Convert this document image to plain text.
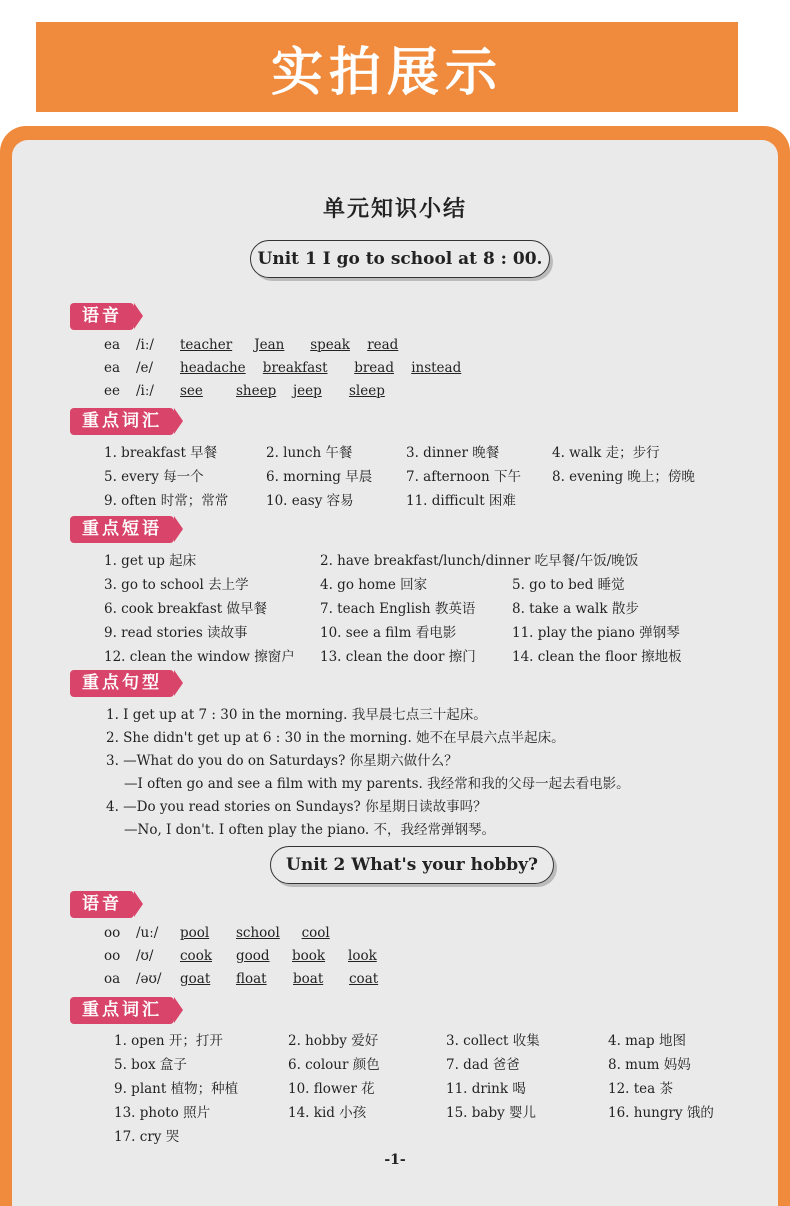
实拍展示
单元知识小结
Unit 1 I go to school at 8 : 00.
语音
ea /iː/ teacher Jean speak read
ea /e/ headache breakfast bread instead
ee /iː/ see sheep jeep sleep
重点词汇
1. breakfast 早餐	2. lunch 午餐	3. dinner 晚餐	4. walk 走；步行
5. every 每一个	6. morning 早晨	7. afternoon 下午 8. evening 晚上；傍晚
9. often 时常；常常	10. easy 容易	11. difficult 困难
重点短语
1. get up 起床	2. have breakfast/lunch/dinner 吃早餐/午饭/晚饭
3. go to school 去上学	4. go home 回家	5. go to bed 睡觉
6. cook breakfast 做早餐	7. teach English 教英语	8. take a walk 散步
9. read stories 读故事	10. see a film 看电影	11. play the piano 弹钢琴
12. clean the window 擦窗户 13. clean the door 擦门	14. clean the floor 擦地板
重点句型
1. I get up at 7 : 30 in the morning. 我早晨七点三十起床。
2. She didn't get up at 6 : 30 in the morning. 她不在早晨六点半起床。
3. —What do you do on Saturdays? 你星期六做什么？
—I often go and see a film with my parents. 我经常和我的父母一起去看电影。
4. —Do you read stories on Sundays? 你星期日读故事吗？
—No, I don't. I often play the piano. 不，我经常弹钢琴。
Unit 2 What's your hobby?
语音
oo /uː/ pool school cool
oo /ʊ/ cook good book look
oa /əʊ/ goat float boat coat
重点词汇
1. open 开；打开	2. hobby 爱好	3. collect 收集	4. map 地图
5. box 盒子	6. colour 颜色	7. dad 爸爸	8. mum 妈妈
9. plant 植物；种植	10. flower 花	11. drink 喝	12. tea 茶
13. photo 照片	14. kid 小孩	15. baby 婴儿	16. hungry 饿的
17. cry 哭
-1-
